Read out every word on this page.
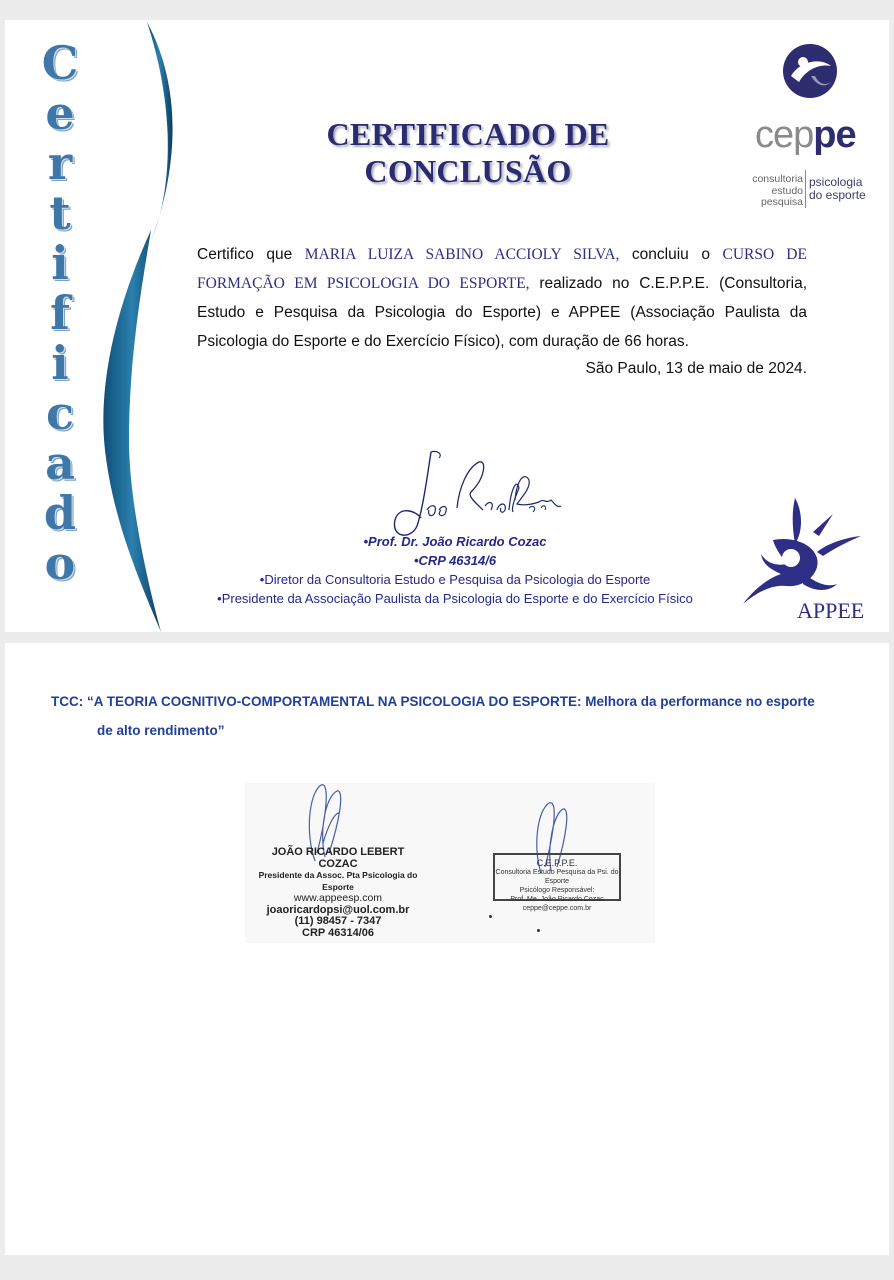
C
e
r
t
i
f
i
c
a
d
o
CERTIFICADO DE CONCLUSÃO
ceppe
consultoria
estudo
pesquisa
psicologia
do esporte
Certifico que MARIA LUIZA SABINO ACCIOLY SILVA, concluiu o CURSO DE FORMAÇÃO EM PSICOLOGIA DO ESPORTE, realizado no C.E.P.P.E. (Consultoria, Estudo e Pesquisa da Psicologia do Esporte) e APPEE (Associação Paulista da Psicologia do Esporte e do Exercício Físico), com duração de 66 horas.
São Paulo, 13 de maio de 2024.
•Prof. Dr. João Ricardo Cozac
•CRP 46314/6
•Diretor da Consultoria Estudo e Pesquisa da Psicologia do Esporte
•Presidente da Associação Paulista da Psicologia do Esporte e do Exercício Físico	APPEE
TCC: “A TEORIA COGNITIVO-COMPORTAMENTAL NA PSICOLOGIA DO ESPORTE: Melhora da performance no esporte
de alto rendimento”
JOÃO RICARDO LEBERT COZAC
Presidente da Assoc. Pta Psicologia do Esporte
www.appeesp.com
joaoricardopsi@uol.com.br
(11) 98457 - 7347
CRP 46314/06
C.E.P.P.E.
Consultoria Estudo Pesquisa da Psi. do Esporte
Psicólogo Responsável:
Prof. Me. João Ricardo Cozac
ceppe@ceppe.com.br
